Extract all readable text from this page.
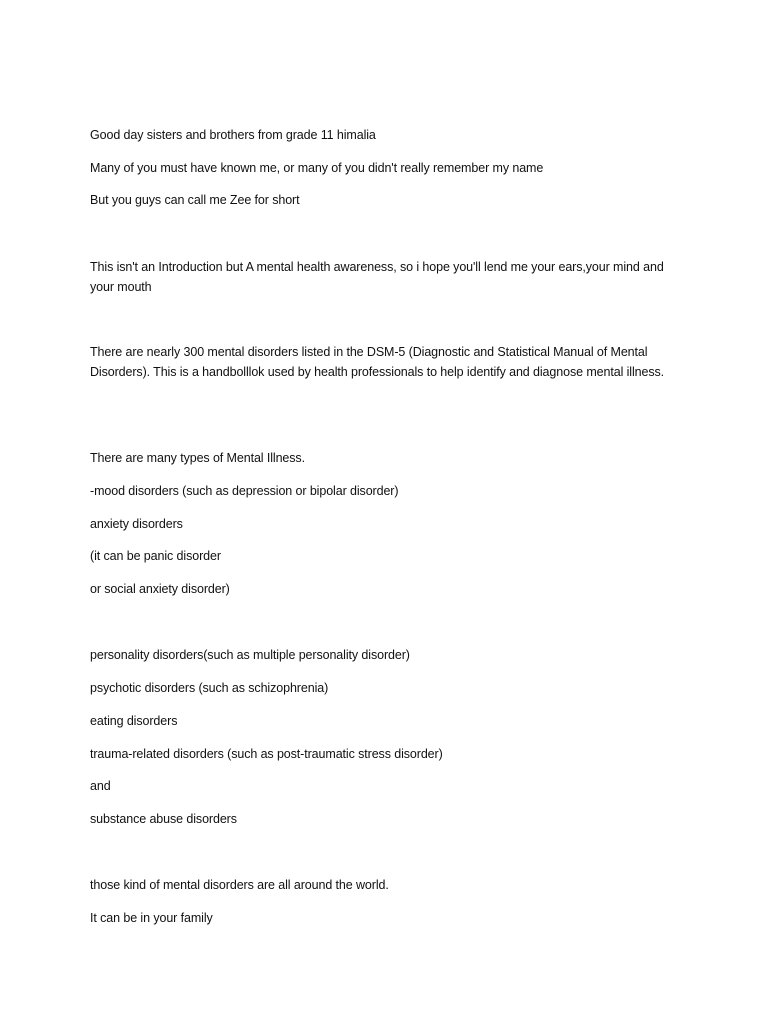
Good day sisters and brothers from grade 11 himalia
Many of you must have known me, or many of you didn't really remember my name
But you guys can call me Zee for short
This isn't an Introduction but A mental health awareness, so i hope you'll lend me your ears,your mind and your mouth
There are nearly 300 mental disorders listed in the DSM-5 (Diagnostic and Statistical Manual of Mental Disorders). This is a handbolllok used by health professionals to help identify and diagnose mental illness.
There are many types of Mental Illness.
-mood disorders (such as depression or bipolar disorder)
anxiety disorders
(it can be panic disorder
or social anxiety disorder)
personality disorders(such as multiple personality disorder)
psychotic disorders (such as schizophrenia)
eating disorders
trauma-related disorders (such as post-traumatic stress disorder)
and
substance abuse disorders
those kind of mental disorders are all around the world.
It can be in your family
